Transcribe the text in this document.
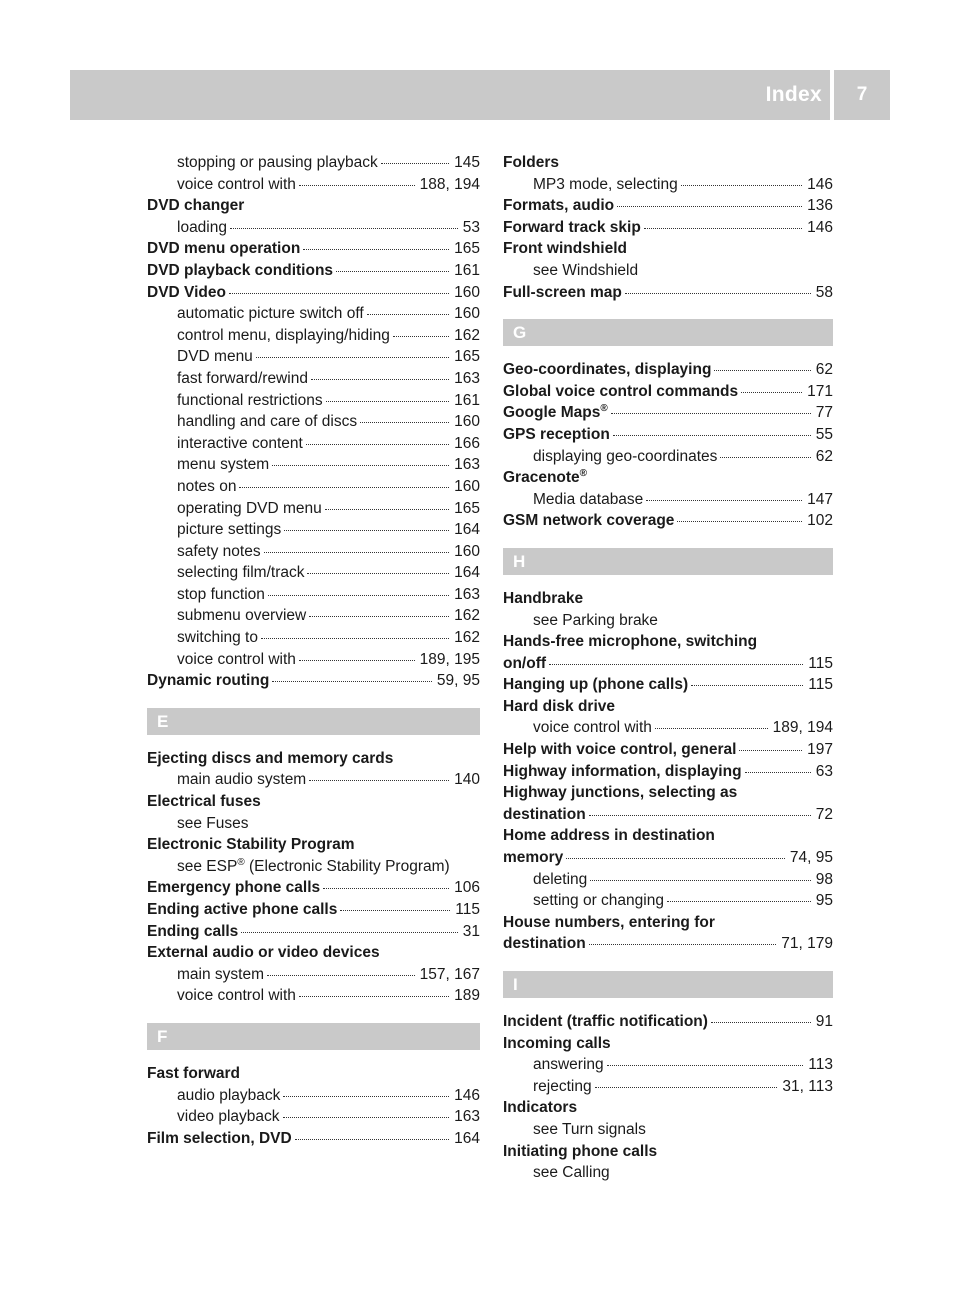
Index	7
stopping or pausing playback	145
voice control with	188, 194
DVD changer
loading	53
DVD menu operation	165
DVD playback conditions	161
DVD Video	160
automatic picture switch off	160
control menu, displaying/hiding	162
DVD menu	165
fast forward/rewind	163
functional restrictions	161
handling and care of discs	160
interactive content	166
menu system	163
notes on	160
operating DVD menu	165
picture settings	164
safety notes	160
selecting film/track	164
stop function	163
submenu overview	162
switching to	162
voice control with	189, 195
Dynamic routing	59, 95
E
Ejecting discs and memory cards
main audio system	140
Electrical fuses
see Fuses
Electronic Stability Program
see ESP® (Electronic Stability Program)
Emergency phone calls	106
Ending active phone calls	115
Ending calls	31
External audio or video devices
main system	157, 167
voice control with	189
F
Fast forward
audio playback	146
video playback	163
Film selection, DVD	164
Folders
MP3 mode, selecting	146
Formats, audio	136
Forward track skip	146
Front windshield
see Windshield
Full-screen map	58
G
Geo-coordinates, displaying	62
Global voice control commands	171
Google Maps®	77
GPS reception	55
displaying geo-coordinates	62
Gracenote®
Media database	147
GSM network coverage	102
H
Handbrake
see Parking brake
Hands-free microphone, switching
on/off	115
Hanging up (phone calls)	115
Hard disk drive
voice control with	189, 194
Help with voice control, general	197
Highway information, displaying	63
Highway junctions, selecting as
destination	72
Home address in destination
memory	74, 95
deleting	98
setting or changing	95
House numbers, entering for
destination	71, 179
I
Incident (traffic notification)	91
Incoming calls
answering	113
rejecting	31, 113
Indicators
see Turn signals
Initiating phone calls
see Calling
